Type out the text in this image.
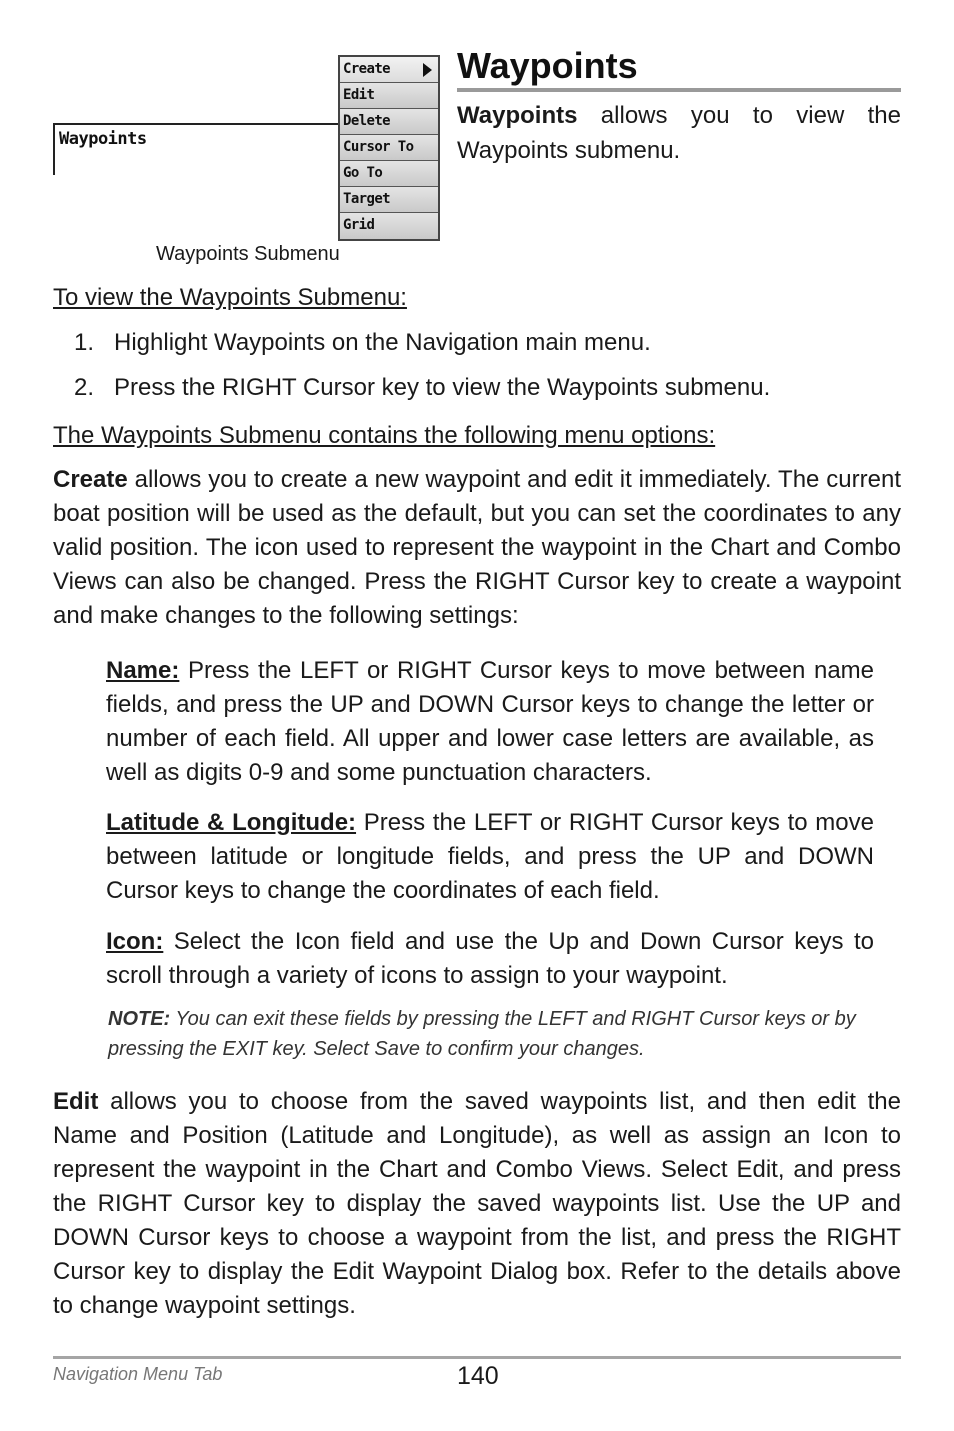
Waypoints
Create
Edit
Delete
Cursor To
Go To
Target
Grid
Waypoints Submenu
Waypoints

Waypoints allows you to view the Waypoints submenu.

To view the Waypoints Submenu:
1. Highlight Waypoints on the Navigation main menu.
2. Press the RIGHT Cursor key to view the Waypoints submenu.
The Waypoints Submenu contains the following menu options:

Create allows you to create a new waypoint and edit it immediately. The current boat position will be used as the default, but you can set the coordinates to any valid position. The icon used to represent the waypoint in the Chart and Combo Views can also be changed. Press the RIGHT Cursor key to create a waypoint and make changes to the following settings:

Name: Press the LEFT or RIGHT Cursor keys to move between name fields, and press the UP and DOWN Cursor keys to change the letter or number of each field. All upper and lower case letters are available, as well as digits 0-9 and some punctuation characters.

Latitude & Longitude: Press the LEFT or RIGHT Cursor keys to move between latitude or longitude fields, and press the UP and DOWN Cursor keys to change the coordinates of each field.

Icon: Select the Icon field and use the Up and Down Cursor keys to scroll through a variety of icons to assign to your waypoint.

NOTE: You can exit these fields by pressing the LEFT and RIGHT Cursor keys or by pressing the EXIT key. Select Save to confirm your changes.

Edit allows you to choose from the saved waypoints list, and then edit the Name and Position (Latitude and Longitude), as well as assign an Icon to represent the waypoint in the Chart and Combo Views. Select Edit, and press the RIGHT Cursor key to display the saved waypoints list. Use the UP and DOWN Cursor keys to choose a waypoint from the list, and press the RIGHT Cursor key to display the Edit Waypoint Dialog box. Refer to the details above to change waypoint settings.

Navigation Menu Tab	140
